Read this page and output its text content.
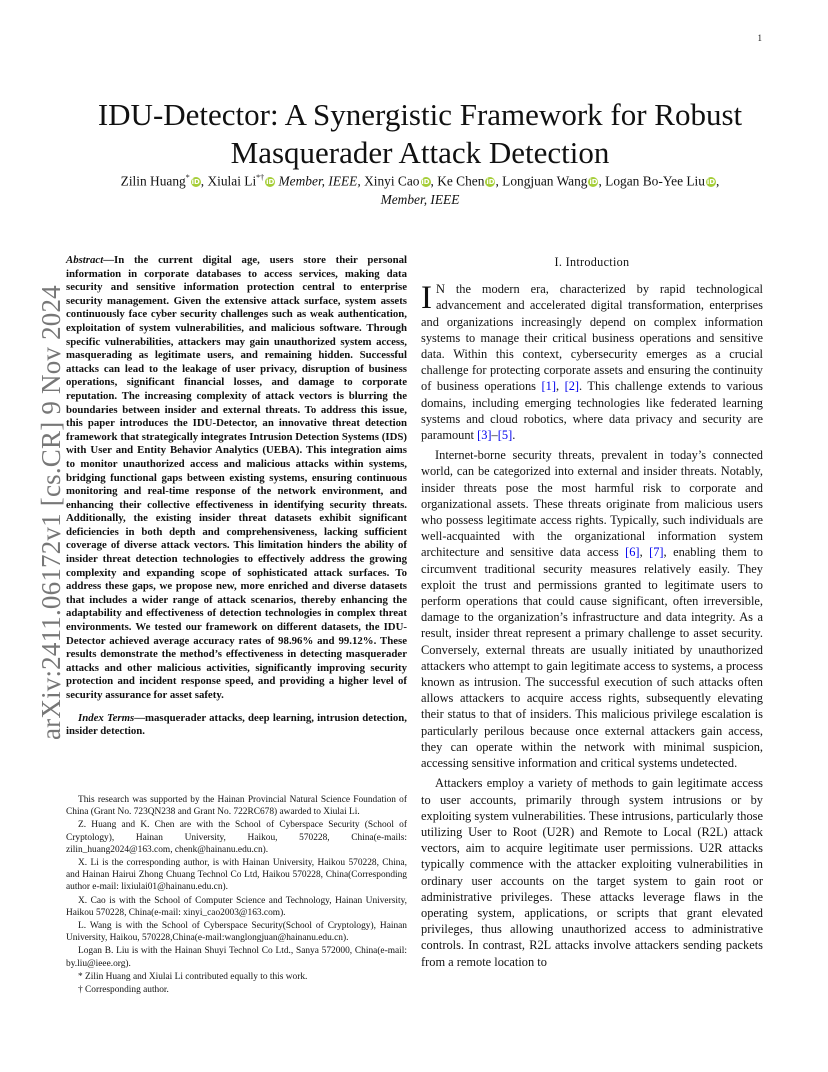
1
arXiv:2411.06172v1 [cs.CR] 9 Nov 2024
IDU-Detector: A Synergistic Framework for Robust
Masquerader Attack Detection
Zilin Huang*iD, Xiulai Li*†iD Member, IEEE, Xinyi Cao iD, Ke Chen iD, Longjuan Wang iD, Logan Bo-Yee Liu iD,
Member, IEEE

Abstract—In the current digital age, users store their personal information in corporate databases to access services, making data security and sensitive information protection central to enterprise security management. Given the extensive attack surface, system assets continuously face cyber security challenges such as weak authentication, exploitation of system vulnerabilities, and malicious software. Through specific vulnerabilities, attackers may gain unauthorized system access, masquerading as legitimate users, and remaining hidden. Successful attacks can lead to the leakage of user privacy, disruption of business operations, significant financial losses, and damage to corporate reputation. The increasing complexity of attack vectors is blurring the boundaries between insider and external threats. To address this issue, this paper introduces the IDU-Detector, an innovative threat detection framework that strategically integrates Intrusion Detection Systems (IDS) with User and Entity Behavior Analytics (UEBA). This integration aims to monitor unauthorized access and malicious attacks within systems, bridging functional gaps between existing systems, ensuring continuous monitoring and real-time response of the network environment, and enhancing their collective effectiveness in identifying security threats. Additionally, the existing insider threat datasets exhibit significant deficiencies in both depth and comprehensiveness, lacking sufficient coverage of diverse attack vectors. This limitation hinders the ability of insider threat detection technologies to effectively address the growing complexity and expanding scope of sophisticated attack surfaces. To address these gaps, we propose new, more enriched and diverse datasets that includes a wider range of attack scenarios, thereby enhancing the adaptability and effectiveness of detection technologies in complex threat environments. We tested our framework on different datasets, the IDU-Detector achieved average accuracy rates of 98.96% and 99.12%. These results demonstrate the method’s effectiveness in detecting masquerader attacks and other malicious activities, significantly improving security protection and incident response speed, and providing a higher level of security assurance for asset safety.

Index Terms—masquerader attacks, deep learning, intrusion detection, insider detection.

This research was supported by the Hainan Provincial Natural Science Foundation of China (Grant No. 723QN238 and Grant No. 722RC678) awarded to Xiulai Li.

Z. Huang and K. Chen are with the School of Cyberspace Security (School of Cryptology), Hainan University, Haikou, 570228, China(e-mails: zilin_huang2024@163.com, chenk@hainanu.edu.cn).

X. Li is the corresponding author, is with Hainan University, Haikou 570228, China, and Hainan Hairui Zhong Chuang Technol Co Ltd, Haikou 570228, China(Corresponding author e-mail: lixiulai01@hainanu.edu.cn).

X. Cao is with the School of Computer Science and Technology, Hainan University, Haikou 570228, China(e-mail: xinyi_cao2003@163.com).

L. Wang is with the School of Cyberspace Security(School of Cryptology), Hainan University, Haikou, 570228,China(e-mail:wanglongjuan@hainanu.edu.cn).

Logan B. Liu is with the Hainan Shuyi Technol Co Ltd., Sanya 572000, China(e-mail: by.liu@ieee.org).

* Zilin Huang and Xiulai Li contributed equally to this work.

† Corresponding author.

I. Introduction

I N the modern era, characterized by rapid technological advancement and accelerated digital transformation, enterprises and organizations increasingly depend on complex information systems to manage their critical business operations and sensitive data. Within this context, cybersecurity emerges as a crucial challenge for protecting corporate assets and ensuring the continuity of business operations [1], [2]. This challenge extends to various domains, including emerging technologies like federated learning systems and cloud robotics, where data privacy and security are paramount [3]–[5].

Internet-borne security threats, prevalent in today’s connected world, can be categorized into external and insider threats. Notably, insider threats pose the most harmful risk to corporate and organizational assets. These threats originate from malicious users who possess legitimate access rights. Typically, such individuals are well-acquainted with the organizational information system architecture and sensitive data access [6], [7], enabling them to circumvent traditional security measures relatively easily. They exploit the trust and permissions granted to legitimate users to perform operations that could cause significant, often irreversible, damage to the organization’s infrastructure and data integrity. As a result, insider threat represent a primary challenge to asset security. Conversely, external threats are usually initiated by unauthorized attackers who attempt to gain legitimate access to systems, a process known as intrusion. The successful execution of such attacks often allows attackers to acquire access rights, subsequently elevating their status to that of insiders. This malicious privilege escalation is particularly perilous because once external attackers gain access, they can operate within the network with minimal suspicion, accessing sensitive information and critical systems undetected.

Attackers employ a variety of methods to gain legitimate access to user accounts, primarily through system intrusions or by exploiting system vulnerabilities. These intrusions, particularly those utilizing User to Root (U2R) and Remote to Local (R2L) attack vectors, aim to acquire legitimate user permissions. U2R attacks typically commence with the attacker exploiting vulnerabilities in ordinary user accounts on the target system to gain root or administrative privileges. These attacks leverage flaws in the operating system, applications, or scripts that grant elevated privileges, thus allowing unauthorized access to administrative controls. In contrast, R2L attacks involve attackers sending packets from a remote location to
